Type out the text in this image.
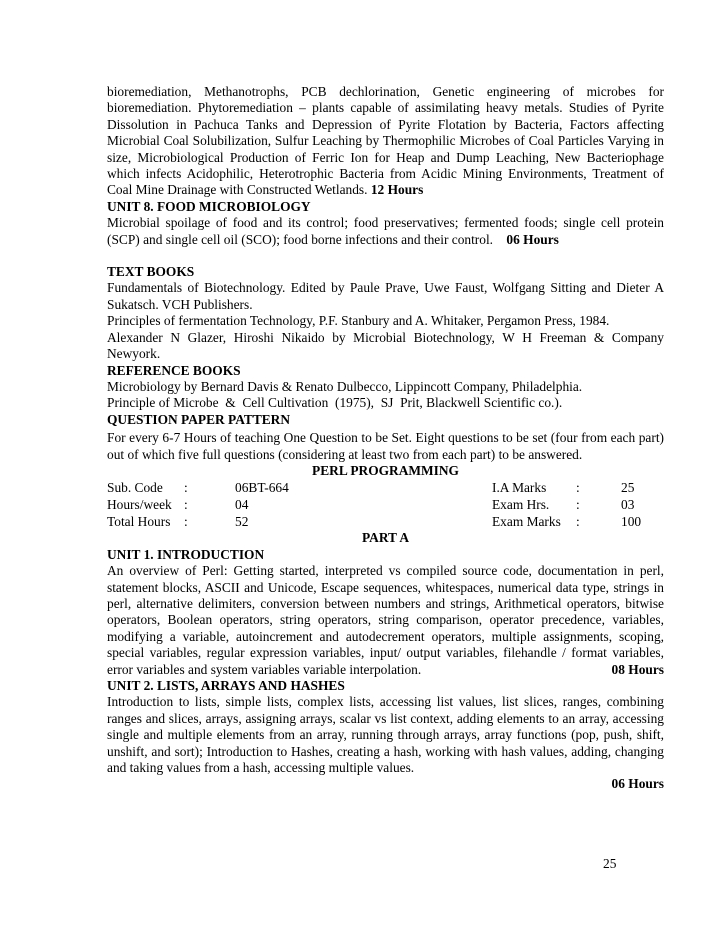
bioremediation, Methanotrophs, PCB dechlorination, Genetic engineering of microbes for bioremediation. Phytoremediation – plants capable of assimilating heavy metals. Studies of Pyrite Dissolution in Pachuca Tanks and Depression of Pyrite Flotation by Bacteria, Factors affecting Microbial Coal Solubilization, Sulfur Leaching by Thermophilic Microbes of Coal Particles Varying in size, Microbiological Production of Ferric Ion for Heap and Dump Leaching, New Bacteriophage which infects Acidophilic, Heterotrophic Bacteria from Acidic Mining Environments, Treatment of Coal Mine Drainage with Constructed Wetlands. 12 Hours

UNIT 8. FOOD MICROBIOLOGY

Microbial spoilage of food and its control; food preservatives; fermented foods; single cell protein (SCP) and single cell oil (SCO); food borne infections and their control. 06 Hours

TEXT BOOKS

Fundamentals of Biotechnology. Edited by Paule Prave, Uwe Faust, Wolfgang Sitting and Dieter A Sukatsch. VCH Publishers.

Principles of fermentation Technology, P.F. Stanbury and A. Whitaker, Pergamon Press, 1984.

Alexander N Glazer, Hiroshi Nikaido by Microbial Biotechnology, W H Freeman & Company Newyork.

REFERENCE BOOKS

Microbiology by Bernard Davis & Renato Dulbecco, Lippincott Company, Philadelphia.

Principle of Microbe  &  Cell Cultivation  (1975),  SJ  Prit, Blackwell Scientific co.).

QUESTION PAPER PATTERN

For every 6-7 Hours of teaching One Question to be Set. Eight questions to be set (four from each part) out of which five full questions (considering at least two from each part) to be answered.

PERL PROGRAMMING

Sub. Code	:	06BT-664	I.A Marks	:	25
Hours/week :	04	Exam Hrs.	:	03
Total Hours	:	52	Exam Marks	:	100

PART A

UNIT 1. INTRODUCTION

An overview of Perl: Getting started, interpreted vs compiled source code, documentation in perl, statement blocks, ASCII and Unicode, Escape sequences, whitespaces, numerical data type, strings in perl, alternative delimiters, conversion between numbers and strings, Arithmetical operators, bitwise operators, Boolean operators, string operators, string comparison, operator precedence, variables, modifying a variable, autoincrement and autodecrement operators, multiple assignments, scoping, special variables, regular expression variables, input/ output variables, filehandle / format variables, error variables and system variables variable interpolation.	08 Hours

UNIT 2. LISTS, ARRAYS AND HASHES

Introduction to lists, simple lists, complex lists, accessing list values, list slices, ranges, combining ranges and slices, arrays, assigning arrays, scalar vs list context, adding elements to an array, accessing single and multiple elements from an array, running through arrays, array functions (pop, push, shift, unshift, and sort); Introduction to Hashes, creating a hash, working with hash values, adding, changing and taking values from a hash, accessing multiple values.

06 Hours

25
